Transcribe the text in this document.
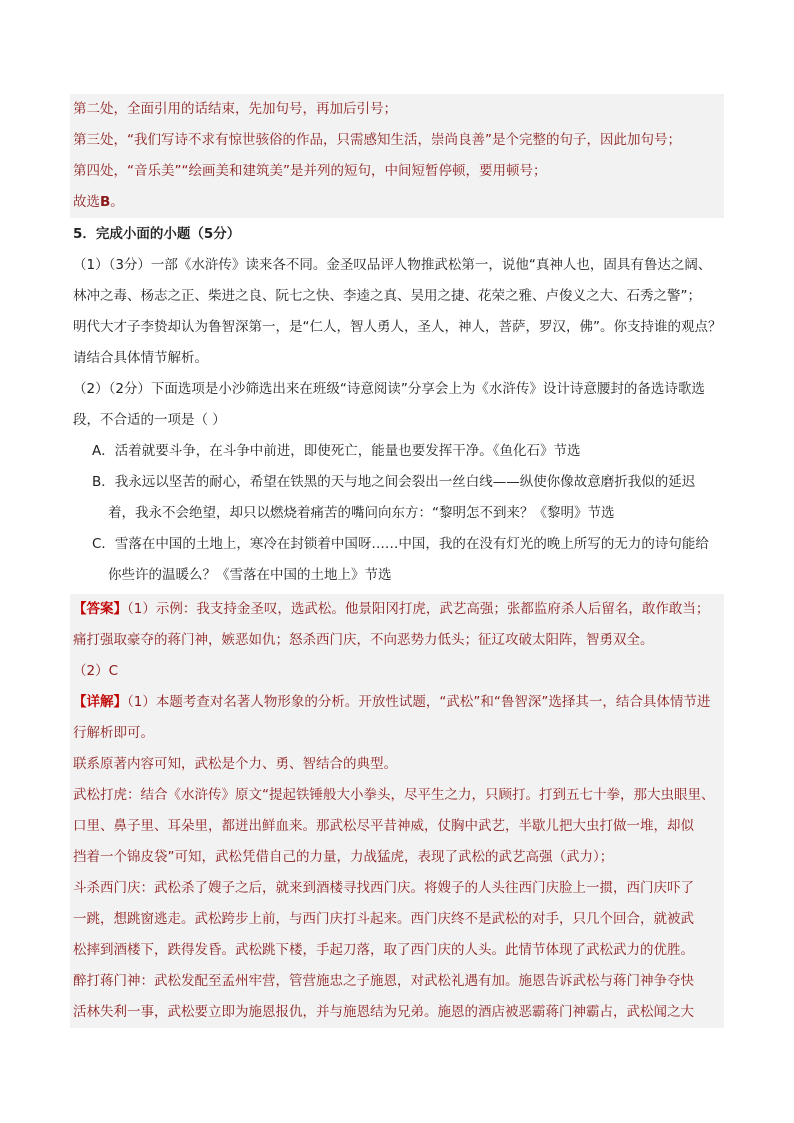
第二处，全面引用的话结束，先加句号，再加后引号；
第三处，“我们写诗不求有惊世骇俗的作品，只需感知生活，崇尚良善”是个完整的句子，因此加句号；
第四处，“音乐美”“绘画美和建筑美”是并列的短句，中间短暂停顿，要用顿号；
故选B。
5．完成小面的小题（5分）
（1）（3分）一部《水浒传》读来各不同。金圣叹品评人物推武松第一，说他“真神人也，固具有鲁达之阔、
林冲之毒、杨志之正、柴进之良、阮七之快、李逵之真、吴用之捷、花荣之雅、卢俊义之大、石秀之警”；
明代大才子李贽却认为鲁智深第一，是“仁人，智人勇人，圣人，神人，菩萨，罗汉，佛”。你支持谁的观点？
请结合具体情节解析。
（2）（2分）下面选项是小沙筛选出来在班级“诗意阅读”分享会上为《水浒传》设计诗意腰封的备选诗歌选
段，不合适的一项是（ ）
A．活着就要斗争，在斗争中前进，即使死亡，能量也要发挥干净。《鱼化石》节选
B．我永远以坚苦的耐心，希望在铁黑的天与地之间会裂出一丝白线——纵使你像故意磨折我似的延迟
着，我永不会绝望，却只以燃烧着痛苦的嘴问向东方：“黎明怎不到来？《黎明》节选
C．雪落在中国的土地上，寒冷在封锁着中国呀……中国，我的在没有灯光的晚上所写的无力的诗句能给
你些许的温暖么？《雪落在中国的土地上》节选
【答案】（1）示例：我支持金圣叹，选武松。他景阳冈打虎，武艺高强；张都监府杀人后留名，敢作敢当；
痛打强取豪夺的蒋门神，嫉恶如仇；怒杀西门庆，不向恶势力低头；征辽攻破太阳阵，智勇双全。
（2）C
【详解】（1）本题考查对名著人物形象的分析。开放性试题，“武松”和“鲁智深”选择其一，结合具体情节进
行解析即可。
联系原著内容可知，武松是个力、勇、智结合的典型。
武松打虎：结合《水浒传》原文“提起铁锤般大小拳头，尽平生之力，只顾打。打到五七十拳，那大虫眼里、
口里、鼻子里、耳朵里，都迸出鲜血来。那武松尽平昔神威，仗胸中武艺，半歇儿把大虫打做一堆，却似
挡着一个锦皮袋”可知，武松凭借自己的力量，力战猛虎，表现了武松的武艺高强（武力）；
斗杀西门庆：武松杀了嫂子之后，就来到酒楼寻找西门庆。将嫂子的人头往西门庆脸上一掼，西门庆吓了
一跳，想跳窗逃走。武松跨步上前，与西门庆打斗起来。西门庆终不是武松的对手，只几个回合，就被武
松摔到酒楼下，跌得发昏。武松跳下楼，手起刀落，取了西门庆的人头。此情节体现了武松武力的优胜。
醉打蒋门神：武松发配至孟州牢营，管营施忠之子施恩，对武松礼遇有加。施恩告诉武松与蒋门神争夺快
活林失利一事，武松要立即为施恩报仇，并与施恩结为兄弟。施恩的酒店被恶霸蒋门神霸占，武松闻之大
